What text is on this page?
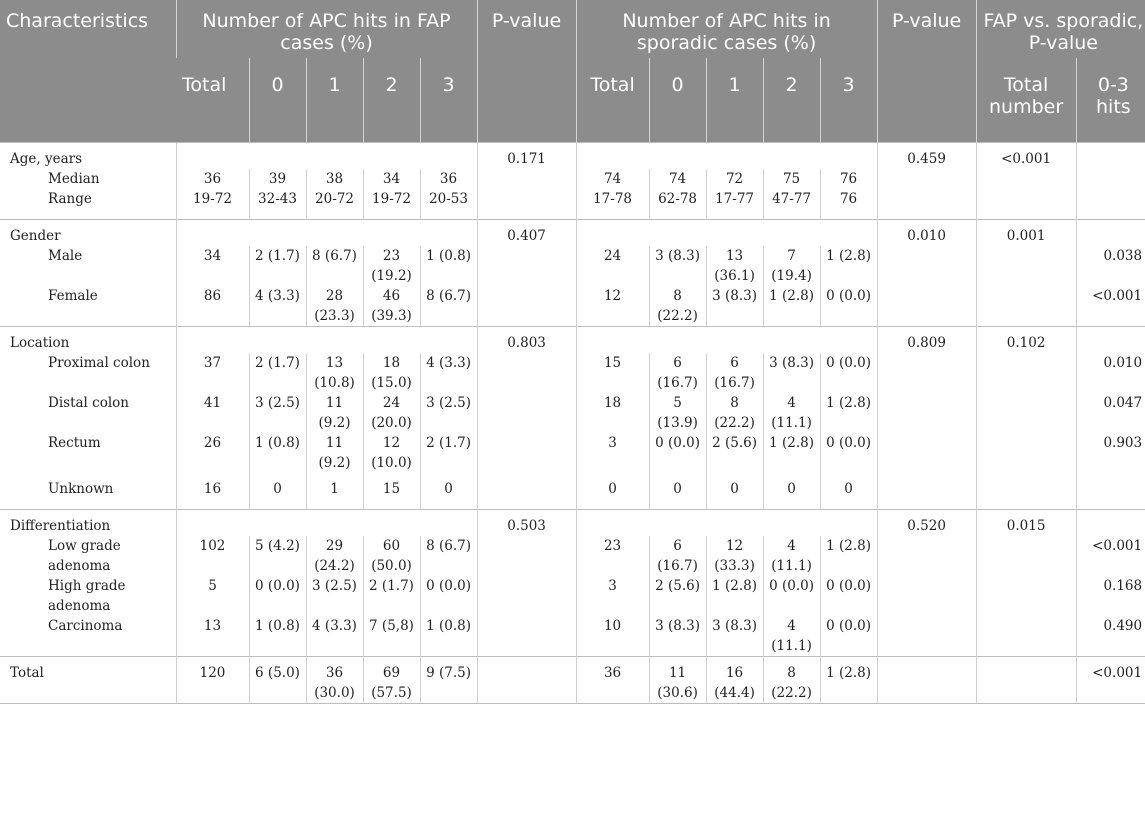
Characteristics	Number of APC hits in FAP cases (%)					P-value	Number of APC hits in sporadic cases (%)					P-value	FAP vs. sporadic, P-value	
	Total	0	1	2	3		Total	0	1	2	3		Total number	0-3 hits
Age, years						0.171						0.459	<0.001	
Median	36	39	38	34	36		74	74	72	75	76			
Range	19-72	32-43	20-72	19-72	20-53		17-78	62-78	17-77	47-77	76			
Gender						0.407						0.010	0.001	
Male	34	2 (1.7)	8 (6.7)	23 (19.2)	1 (0.8)		24	3 (8.3)	13 (36.1)	7 (19.4)	1 (2.8)			0.038
Female	86	4 (3.3)	28 (23.3)	46 (39.3)	8 (6.7)		12	8 (22.2)	3 (8.3)	1 (2.8)	0 (0.0)			<0.001
Location						0.803						0.809	0.102	
Proximal colon	37	2 (1.7)	13 (10.8)	18 (15.0)	4 (3.3)		15	6 (16.7)	6 (16.7)	3 (8.3)	0 (0.0)			0.010
Distal colon	41	3 (2.5)	11 (9.2)	24 (20.0)	3 (2.5)		18	5 (13.9)	8 (22.2)	4 (11.1)	1 (2.8)			0.047
Rectum	26	1 (0.8)	11 (9.2)	12 (10.0)	2 (1.7)		3	0 (0.0)	2 (5.6)	1 (2.8)	0 (0.0)			0.903
Unknown	16	0	1	15	0		0	0	0	0	0			
Differentiation						0.503						0.520	0.015	
Low grade adenoma	102	5 (4.2)	29 (24.2)	60 (50.0)	8 (6.7)		23	6 (16.7)	12 (33.3)	4 (11.1)	1 (2.8)			<0.001
High grade adenoma	5	0 (0.0)	3 (2.5)	2 (1.7)	0 (0.0)		3	2 (5.6)	1 (2.8)	0 (0.0)	0 (0.0)			0.168
Carcinoma	13	1 (0.8)	4 (3.3)	7 (5,8)	1 (0.8)		10	3 (8.3)	3 (8.3)	4 (11.1)	0 (0.0)			0.490
Total	120	6 (5.0)	36 (30.0)	69 (57.5)	9 (7.5)		36	11 (30.6)	16 (44.4)	8 (22.2)	1 (2.8)			<0.001
